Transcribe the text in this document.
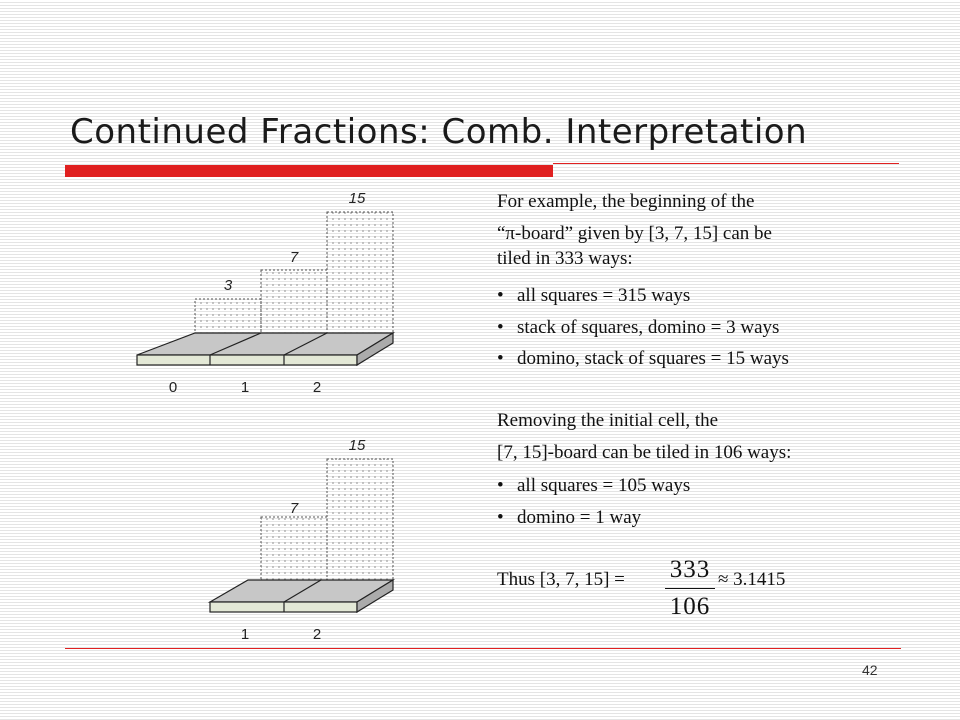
Continued Fractions: Comb. Interpretation
3
7
15
0	1	2
7
15
1	2
For example, the beginning of the
“π-board” given by [3, 7, 15] can be
tiled in 333 ways:
• all squares = 315 ways
• stack of squares, domino = 3 ways
• domino, stack of squares = 15 ways
Removing the initial cell, the
[7, 15]-board can be tiled in 106 ways:
• all squares = 105 ways
• domino = 1 way
Thus [3, 7, 15] = 333
106
≈ 3.1415
42
